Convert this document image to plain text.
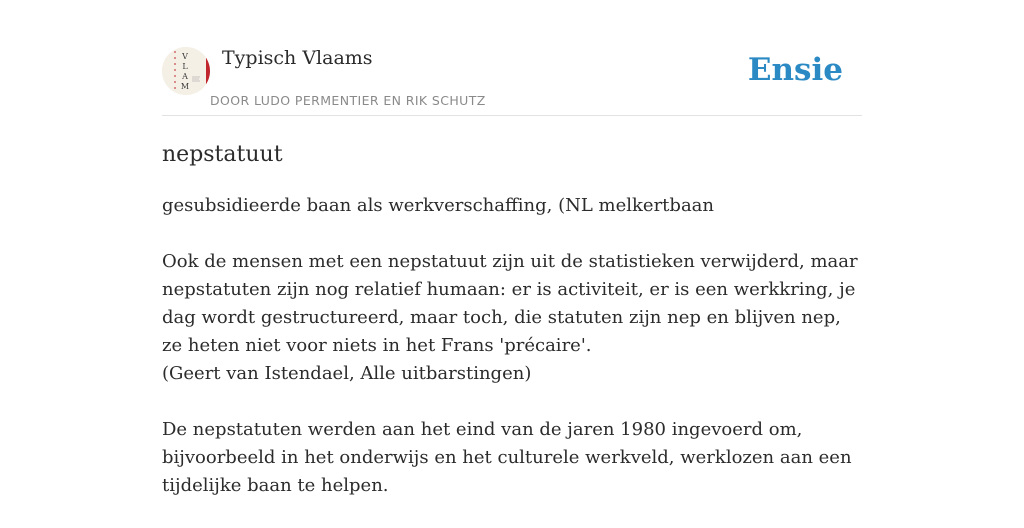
V
L
A
M
Typisch Vlaams
DOOR LUDO PERMENTIER EN RIK SCHUTZ
Ensie
nepstatuut

gesubsidieerde baan als werkverschaffing, (NL melkertbaan

Ook de mensen met een nepstatuut zijn uit de statistieken verwijderd, maar nepstatuten zijn nog relatief humaan: er is activiteit, er is een werkkring, je dag wordt gestructureerd, maar toch, die statuten zijn nep en blijven nep, ze heten niet voor niets in het Frans 'précaire'.
(Geert van Istendael, Alle uitbarstingen)

De nepstatuten werden aan het eind van de jaren 1980 ingevoerd om, bijvoorbeeld in het onderwijs en het culturele werkveld, werklozen aan een tijdelijke baan te helpen.
